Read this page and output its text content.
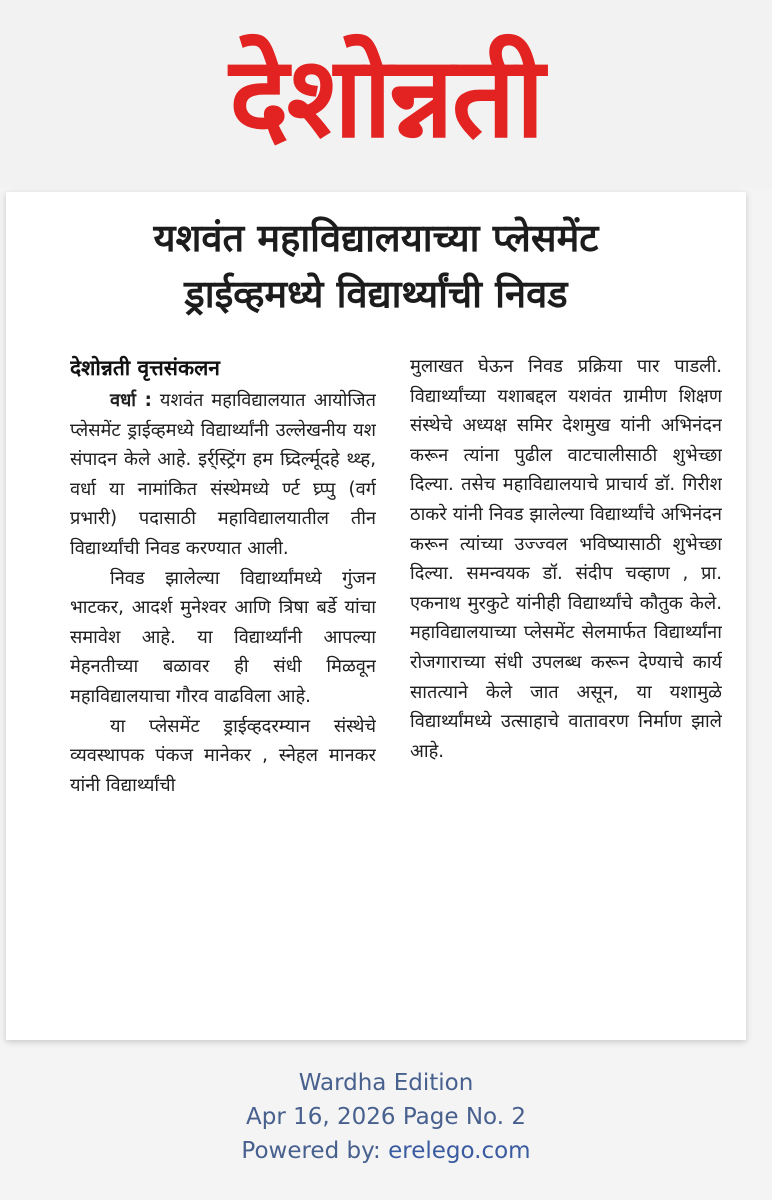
देशोन्नती
यशवंत महाविद्यालयाच्या प्लेसमेंट
ड्राईव्हमध्ये विद्यार्थ्यांची निवड
देशोन्नती वृत्तसंकलन

वर्धा : यशवंत महाविद्यालयात आयोजित प्लेसमेंट ड्राईव्हमध्ये विद्यार्थ्यांनी उल्लेखनीय यश संपादन केले आहे. इर्र्स्ट्रिंग हम घ्र्दिर्ल्मूदहे थ्थ्ह, वर्धा या नामांकित संस्थेमध्ये र्ण्ट घ्र्प्पु (वर्ग प्रभारी) पदासाठी महाविद्यालयातील तीन विद्यार्थ्यांची निवड करण्यात आली.

निवड झालेल्या विद्यार्थ्यांमध्ये गुंजन भाटकर, आदर्श मुनेश्वर आणि त्रिषा बर्डे यांचा समावेश आहे. या विद्यार्थ्यांनी आपल्या मेहनतीच्या बळावर ही संधी मिळवून महाविद्यालयाचा गौरव वाढविला आहे.

या प्लेसमेंट ड्राईव्हदरम्यान संस्थेचे व्यवस्थापक पंकज मानेकर , स्नेहल मानकर यांनी विद्यार्थ्यांची

मुलाखत घेऊन निवड प्रक्रिया पार पाडली. विद्यार्थ्यांच्या यशाबद्दल यशवंत ग्रामीण शिक्षण संस्थेचे अध्यक्ष समिर देशमुख यांनी अभिनंदन करून त्यांना पुढील वाटचालीसाठी शुभेच्छा दिल्या. तसेच महाविद्यालयाचे प्राचार्य डॉ. गिरीश ठाकरे यांनी निवड झालेल्या विद्यार्थ्यांचे अभिनंदन करून त्यांच्या उज्ज्वल भविष्यासाठी शुभेच्छा दिल्या. समन्वयक डॉ. संदीप चव्हाण , प्रा. एकनाथ मुरकुटे यांनीही विद्यार्थ्यांचे कौतुक केले. महाविद्यालयाच्या प्लेसमेंट सेलमार्फत विद्यार्थ्यांना रोजगाराच्या संधी उपलब्ध करून देण्याचे कार्य सातत्याने केले जात असून, या यशामुळे विद्यार्थ्यांमध्ये उत्साहाचे वातावरण निर्माण झाले आहे.

Wardha Edition
Apr 16, 2026 Page No. 2
Powered by: erelego.com
